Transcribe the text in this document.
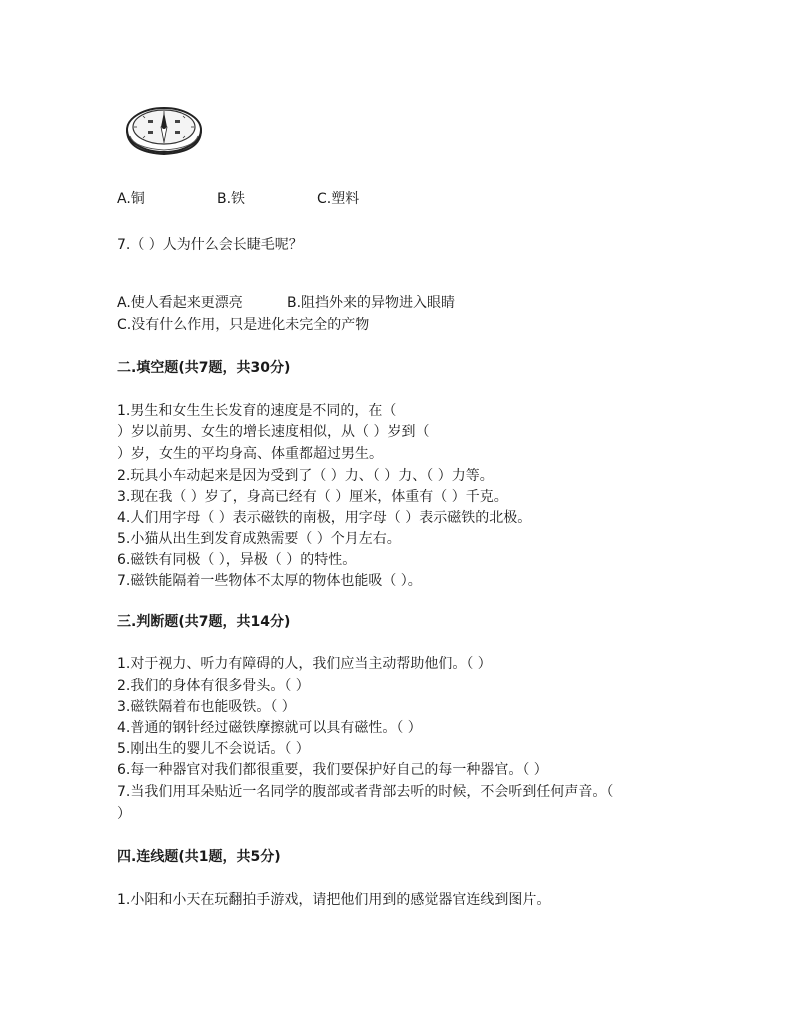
A.铜	B.铁	C.塑料
7.（ ）人为什么会长睫毛呢？
A.使人看起来更漂亮	B.阻挡外来的异物进入眼睛
C.没有什么作用，只是进化未完全的产物
二.填空题(共7题，共30分)
1.男生和女生生长发育的速度是不同的，在（
）岁以前男、女生的增长速度相似，从（ ）岁到（
）岁，女生的平均身高、体重都超过男生。
2.玩具小车动起来是因为受到了（ ）力、（ ）力、（ ）力等。
3.现在我（ ）岁了，身高已经有（ ）厘米，体重有（ ）千克。
4.人们用字母（ ）表示磁铁的南极，用字母（ ）表示磁铁的北极。
5.小猫从出生到发育成熟需要（ ）个月左右。
6.磁铁有同极（ ），异极（ ）的特性。
7.磁铁能隔着一些物体不太厚的物体也能吸（ ）。
三.判断题(共7题，共14分)
1.对于视力、听力有障碍的人，我们应当主动帮助他们。（ ）
2.我们的身体有很多骨头。（ ）
3.磁铁隔着布也能吸铁。（ ）
4.普通的钢针经过磁铁摩擦就可以具有磁性。（ ）
5.刚出生的婴儿不会说话。（ ）
6.每一种器官对我们都很重要，我们要保护好自己的每一种器官。（ ）
7.当我们用耳朵贴近一名同学的腹部或者背部去听的时候，不会听到任何声音。（
）
四.连线题(共1题，共5分)
1.小阳和小天在玩翻拍手游戏，请把他们用到的感觉器官连线到图片。
